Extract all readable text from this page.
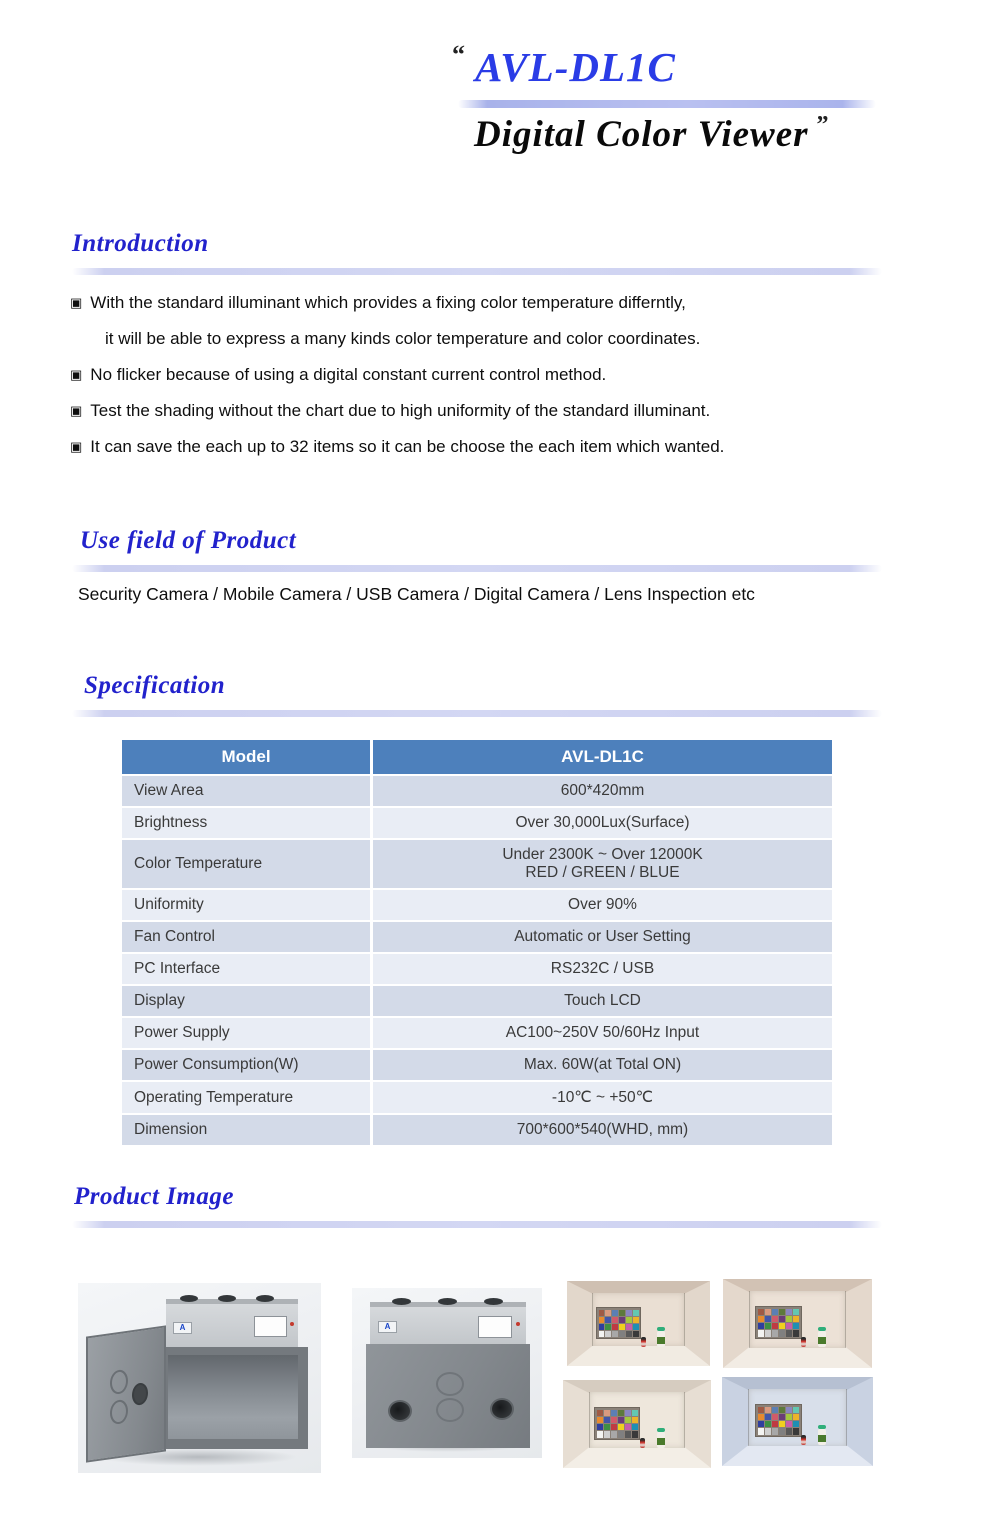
“ AVL-DL1C
Digital Color Viewer ”
Introduction
▣ With the standard illuminant which provides a fixing color temperature differntly,
it will be able to express a many kinds color temperature and color coordinates.
▣ No flicker because of using a digital constant current control method.
▣ Test the shading without the chart due to high uniformity of the standard illuminant.
▣ It can save the each up to 32 items so it can be choose the each item which wanted.
Use field of Product
Security Camera / Mobile Camera / USB Camera / Digital Camera / Lens Inspection etc
Specification
Model	AVL-DL1C
View Area	600*420mm
Brightness	Over 30,000Lux(Surface)
Color Temperature	Under 2300K ~ Over 12000K
RED / GREEN / BLUE

Uniformity	Over 90%
Fan Control	Automatic or User Setting
PC Interface	RS232C / USB
Display	Touch LCD
Power Supply	AC100~250V 50/60Hz Input
Power Consumption(W)	Max. 60W(at Total ON)
Operating Temperature	-10℃ ~ +50℃
Dimension	700*600*540(WHD, mm)
Product Image
A	A
